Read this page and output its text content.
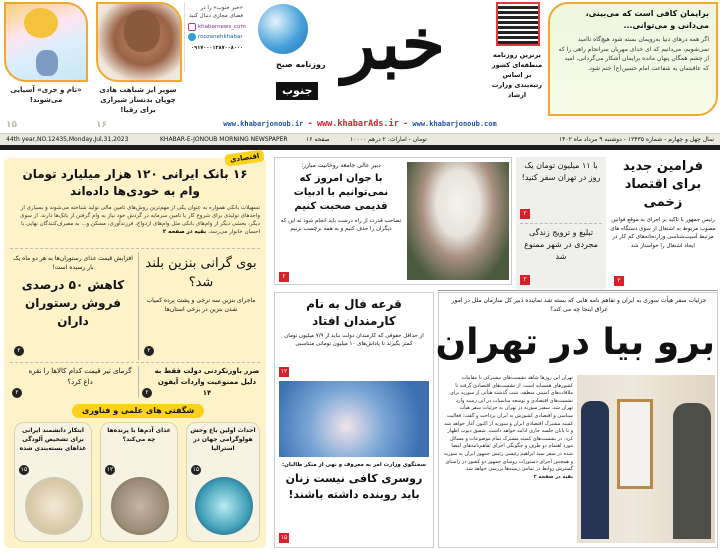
«تام و جری» آسیایی می‌شوند!
۱۵
سوپر ایز شباهت هادی چوپان بدنساز شیرازی برای رقبا!
۱۶
«خبر جنوب» را در فضای مجازی دنبال کنید
khabarnews_com
roozanehkhabar
۰۹۱۷۰۰۰۱۲۸۷۰۰۸۰۰۰
روزنامه صبح خبر
جنوب
www.khabarjonoub.ir - www.khabarAds.ir - www.khabarjonoub.com
برترین روزنامه منطقه‌ای کشور بر اساس رتبه‌بندی وزارت ارشاد
برایمان کافی است که می‌بینی، می‌دانی و می‌توانی...

اگر همه درهای دنیا به‌رویمان بسته شود هیچ‌گاه ناامید نمی‌شویم، می‌دانیم که ای خدای مهربان سرانجام راهی را که از چشم همگان پنهان مانده برایمان آشکار می‌گردانی، امید که عاقبتمان به شفاعت امام حسین(ع) ختم شود.

44th year,NO.12435,Monday,Jul,31,2023	KHABAR-E-JONOUB MORNING NEWSPAPER	۱۶ صفحه	۱۰۰۰۰ تومان - امارات: ۲ درهم	سال چهل و چهارم - شماره ۱۲۴۳۵ - دوشنبه ۹ مرداد ماه ۱۴۰۲
اقتصادی
۱۶ بانک ایرانی ۱۲۰ هزار میلیارد تومان وام به خودی‌ها داده‌اند
تسهیلات بانکی همواره به عنوان یکی از مهم‌ترین روش‌های تامین مالی تولید شناخته می‌شوند و بسیاری از واحدهای تولیدی برای شروع کار یا تامین سرمایه در گردش خود نیاز به وام گرفتن از بانک‌ها دارند. از سوی دیگر، بخشی دیگر از وام‌های بانکی مثل وام‌های ازدواج، فرزندآوری، مسکن و... به مصرف‌کنندگان نهایی با احسان خانوار می‌رسد. بقیه در صفحه ۲
بوی گرانی بنزین بلند شد؟
ماجرای بنزین سه نرخی و پشت پرده کمیاب شدن بنزین در برخی استان‌ها
۲
افزایش قیمت غذای رستوران‌ها به هر دو ماه یک بار رسیده است!
کاهش ۵۰ درصدی فروش رستوران داران
۲
ضرر باورنکردنی دولت فقط به دلیل ممنوعیت واردات آیفون ۱۴
۲
گرمای تیر قیمت کدام کالاها را نقره داغ کرد؟
۲
شگفتی های علمی و فناوری
احداث اولین باغ وحش هولوگرامی جهان در استرالیا
۱۵
غذای آدم‌ها با پرنده‌ها چه می‌کند؟
۱۲
ابتکار دانشمند ایرانی برای تشخیص آلودگی غذاهای بسته‌بندی شده
۱۵
دبیر عالی جامعه روحانیت مبارز:
با جوان امروز که نمی‌توانیم با ادبیات قدیمی صحبت کنیم
تصاحب قدرت از راه درست باید انجام شود نه این که دیگران را حذف کنیم و به همه برچسب بزنیم
۲
قرعه فال به نام کارمندان افتاد
از حداقل حقوقی که کارمندان دولت نباید از ۷/۹ میلیون تومان کمتر بگیرند تا پاداش‌های ۱۰ میلیون تومانی متناسبی
۱۲
سخنگوی وزارت امر به معروف و نهی از منکر طالبان:
روسری کافی نیست زنان باید روبنده داشته باشند!
۱۵
با ۱۱ میلیون تومان یک روز در تهران سفر کنید!
۲
تبلیغ و ترویج زندگی مجردی در شهر ممنوع شد
۲
فرامین جدید برای اقتصاد زخمی
رئیس جمهور با تاکید بر اجرای به موقع قوانین مصوب مربوط به اشتغال از سوی دستگاه های مرتبط آسیب‌شناسی وزارتخانه‌های کم کار در ایجاد اشتغال را خواستار شد
۲
جزئیات سفر هیأت سوری به ایران و تفاهم نامه هایی که بسته شد نماینده دبیر کل سازمان ملل در امور عراق اینجا چه می کند؟
برو بیا در تهران
تهران این روزها شاهد نشست‌های مشترکی با مقامات کشورهای همسایه است، از نشست‌های اقتصادی گرفته تا ملاقات‌های امنیتی منطقه. شب گذشته هیأتی از سوریه برای نشست‌های اقتصادی و توسعه مناسبات در این زمینه وارد تهران شد. سفیر سوریه در تهران به جزئیات سفر هیأت سیاسی و اقتصادی کشورش به ایران پرداخت و گفت: فعالیت کمیته مشترک اقتصادی ایران و سوریه از اکنون آغاز خواهد شد و تا پایان جلسه جاری ادامه خواهد داشت. شفیق دیوب اظهار کرد: در نشست‌های کمیته مشترک تمام موضوعات و مسائل مورد اهتمام دو طرف و چگونگی اجرای تفاهم‌نامه‌های امضا شده در سفر سید ابراهیم رئیسی رئیس جمهور ایران به سوریه و همچنین اجرای دستورات روسای جمهور دو کشور در راستای گسترش روابط در تمامی زمینه‌ها بررسی خواهد شد.
بقیه در صفحه ۲
